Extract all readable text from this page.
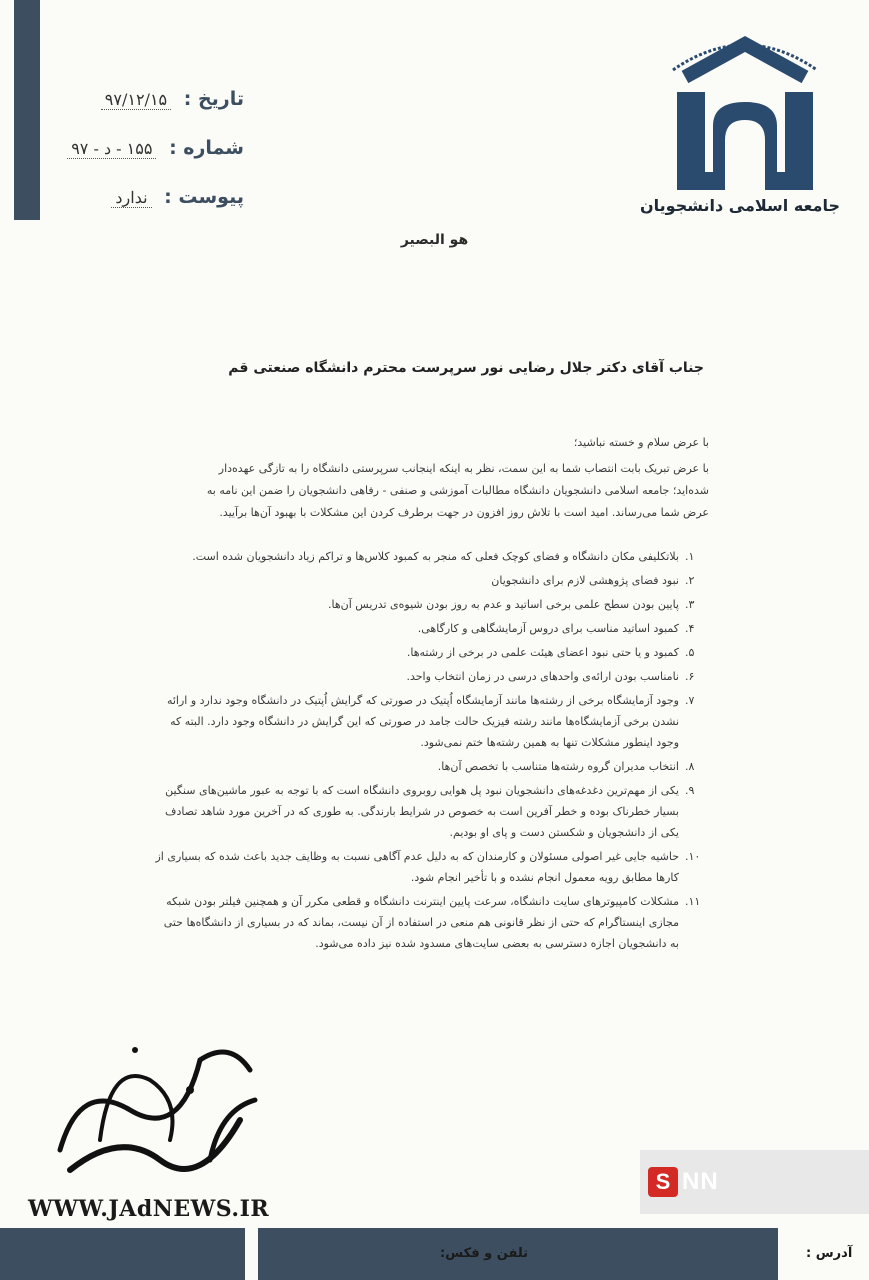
تاریخ : ۹۷/۱۲/۱۵
شماره : ۱۵۵ - د - ۹۷
پیوست : ندارد	جامعه اسلامی دانشجویان
هو البصیر
جناب آقای دکتر جلال رضایی نور سرپرست محترم دانشگاه صنعتی قم
با عرض سلام و خسته نباشید؛
با عرض تبریک بابت انتصاب شما به این سمت، نظر به اینکه اینجانب سرپرستی دانشگاه را به تازگی عهده‌دار شده‌اید؛ جامعه اسلامی دانشجویان دانشگاه مطالبات آموزشی و صنفی - رفاهی دانشجویان را ضمن این نامه به عرض شما می‌رساند. امید است با تلاش روز افزون در جهت برطرف کردن این مشکلات با بهبود آن‌ها برآیید.
۱.
بلاتکلیفی مکان دانشگاه و فضای کوچک فعلی که منجر به کمبود کلاس‌ها و تراکم زیاد دانشجویان شده است.
۲.
نبود فضای پژوهشی لازم برای دانشجویان
۳.
پایین بودن سطح علمی برخی اساتید و عدم به روز بودن شیوه‌ی تدریس آن‌ها.
۴.
کمبود اساتید مناسب برای دروس آزمایشگاهی و کارگاهی.
۵.
کمبود و یا حتی نبود اعضای هیئت علمی در برخی از رشته‌ها.
۶.
نامناسب بودن ارائه‌ی واحدهای درسی در زمان انتخاب واحد.
۷.
وجود آزمایشگاه برخی از رشته‌ها مانند آزمایشگاه اُپتیک در صورتی که گرایش اُپتیک در دانشگاه وجود ندارد و ارائه نشدن برخی آزمایشگاه‌ها مانند رشته فیزیک حالت جامد در صورتی که این گرایش در دانشگاه وجود دارد. البته که وجود اینطور مشکلات تنها به همین رشته‌ها ختم نمی‌شود.
۸.
انتخاب مدیران گروه رشته‌ها متناسب با تخصص آن‌ها.
۹.
یکی از مهم‌ترین دغدغه‌های دانشجویان نبود پل هوایی روبروی دانشگاه است که با توجه به عبور ماشین‌های سنگین بسیار خطرناک بوده و خطر آفرین است به خصوص در شرایط بارندگی. به طوری که در آخرین مورد شاهد تصادف یکی از دانشجویان و شکستن دست و پای او بودیم.
۱۰.
حاشیه جایی غیر اصولی مسئولان و کارمندان که به دلیل عدم آگاهی نسبت به وظایف جدید باعث شده که بسیاری از کارها مطابق رویه معمول انجام نشده و با تأخیر انجام شود.
۱۱.
مشکلات کامپیوترهای سایت دانشگاه، سرعت پایین اینترنت دانشگاه و قطعی مکرر آن و همچنین فیلتر بودن شبکه مجازی اینستاگرام که حتی از نظر قانونی هم منعی در استفاده از آن نیست، بماند که در بسیاری از دانشگاه‌ها حتی به دانشجویان اجازه دسترسی به بعضی سایت‌های مسدود شده نیز داده می‌شود.
WWW.JAdNEWS.IR
S NN
تلفن و فکس:	آدرس :
